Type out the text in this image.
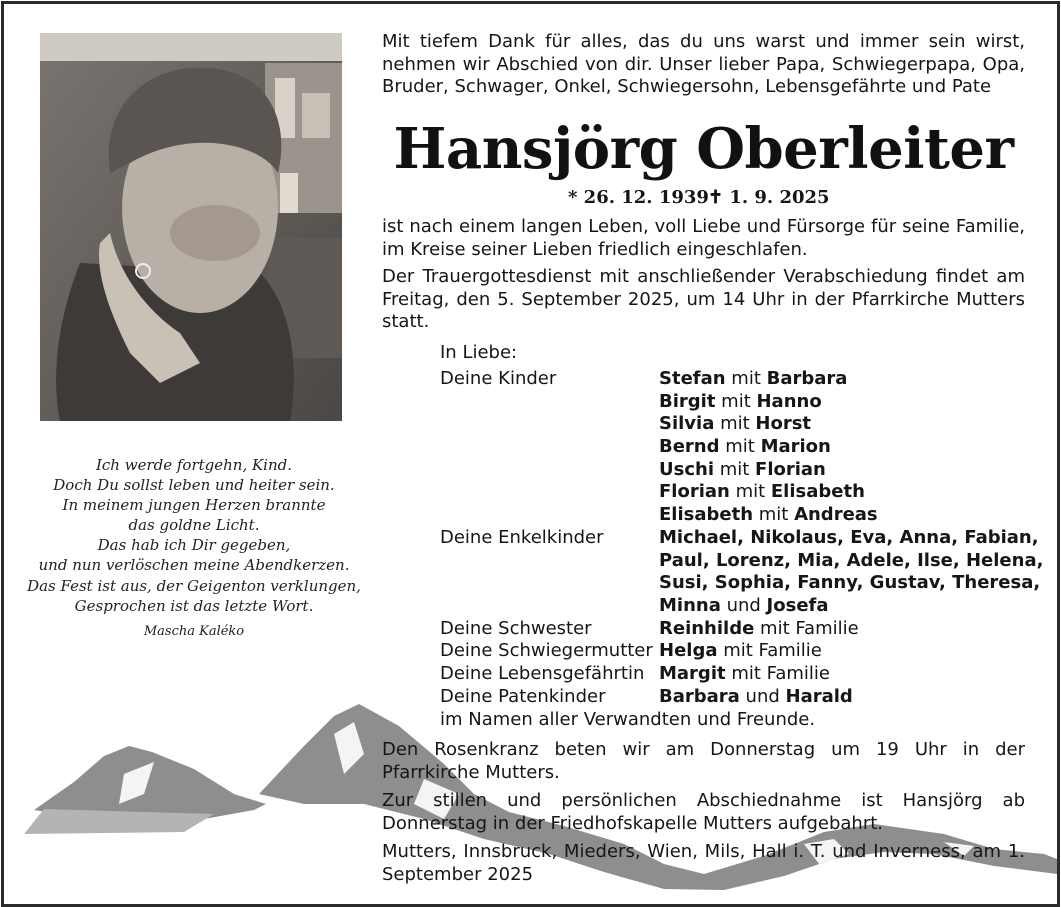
Mit tiefem Dank für alles, das du uns warst und immer sein wirst, nehmen wir Abschied von dir. Unser lieber Papa, Schwiegerpapa, Opa, Bruder, Schwager, Onkel, Schwiegersohn, Lebensgefährte und Pate
Hansjörg Oberleiter
* 26. 12. 1939 ✝ 1. 9. 2025
ist nach einem langen Leben, voll Liebe und Fürsorge für seine Familie, im Kreise seiner Lieben friedlich eingeschlafen.
Der Trauergottesdienst mit anschließender Verabschiedung findet am Freitag, den 5. September 2025, um 14 Uhr in der Pfarrkirche Mutters statt.
In Liebe:
Deine Kinder	Stefan mit Barbara
Birgit mit Hanno
Silvia mit Horst
Bernd mit Marion
Uschi mit Florian
Florian mit Elisabeth
Elisabeth mit Andreas
Deine Enkelkinder	Michael, Nikolaus, Eva, Anna, Fabian,
Paul, Lorenz, Mia, Adele, Ilse, Helena,
Susi, Sophia, Fanny, Gustav, Theresa,
Minna und Josefa
Deine Schwester	Reinhilde mit Familie
Deine Schwiegermutter Helga mit Familie
Deine Lebensgefährtin Margit mit Familie
Deine Patenkinder	Barbara und Harald
im Namen aller Verwandten und Freunde.
Den Rosenkranz beten wir am Donnerstag um 19 Uhr in der Pfarrkirche Mutters.
Zur stillen und persönlichen Abschiednahme ist Hansjörg ab Donnerstag in der Friedhofskapelle Mutters aufgebahrt.
Mutters, Innsbruck, Mieders, Wien, Mils, Hall i. T. und Inverness, am 1. September 2025
Ich werde fortgehn, Kind.
Doch Du sollst leben und heiter sein.
In meinem jungen Herzen brannte
das goldne Licht.
Das hab ich Dir gegeben,
und nun verlöschen meine Abendkerzen.
Das Fest ist aus, der Geigenton verklungen,
Gesprochen ist das letzte Wort.
Mascha Kaléko
